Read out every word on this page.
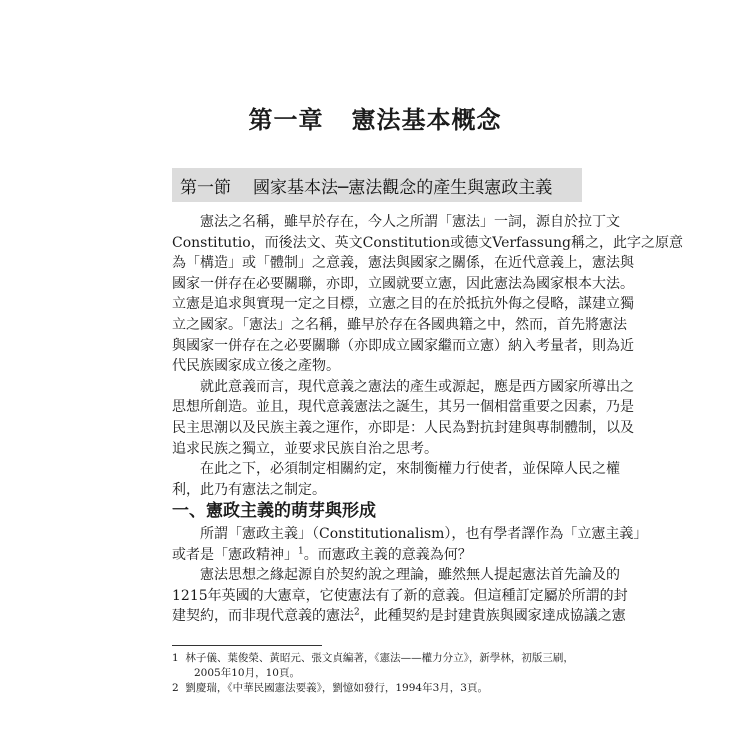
第一章 憲法基本概念
第一節 國家基本法─憲法觀念的產生與憲政主義

憲法之名稱，雖早於存在，今人之所謂「憲法」一詞，源自於拉丁文
Constitutio，而後法文、英文Constitution或德文Verfassung稱之，此字之原意
為「構造」或「體制」之意義，憲法與國家之關係，在近代意義上，憲法與
國家一併存在必要關聯，亦即，立國就要立憲，因此憲法為國家根本大法。
立憲是追求與實現一定之目標，立憲之目的在於抵抗外侮之侵略，謀建立獨
立之國家。「憲法」之名稱，雖早於存在各國典籍之中，然而，首先將憲法
與國家一併存在之必要關聯（亦即成立國家繼而立憲）納入考量者，則為近
代民族國家成立後之產物。

就此意義而言，現代意義之憲法的產生或源起，應是西方國家所導出之
思想所創造。並且，現代意義憲法之誕生，其另一個相當重要之因素，乃是
民主思潮以及民族主義之運作，亦即是：人民為對抗封建與專制體制，以及
追求民族之獨立，並要求民族自治之思考。

在此之下，必須制定相關約定，來制衡權力行使者，並保障人民之權
利，此乃有憲法之制定。

一、憲政主義的萌芽與形成

所謂「憲政主義」（Constitutionalism），也有學者譯作為「立憲主義」
或者是「憲政精神」$^1$。而憲政主義的意義為何？

憲法思想之緣起源自於契約說之理論，雖然無人提起憲法首先論及的
1215年英國的大憲章，它使憲法有了新的意義。但這種訂定屬於所謂的封
建契約，而非現代意義的憲法$^2$，此種契約是封建貴族與國家達成協議之憲

1 林子儀、葉俊榮、黃昭元、張文貞編著，《憲法——權力分立》，新學林，初版三刷，
2005年10月，10頁。
2 劉慶瑞，《中華民國憲法要義》，劉憶如發行，1994年3月，3頁。
